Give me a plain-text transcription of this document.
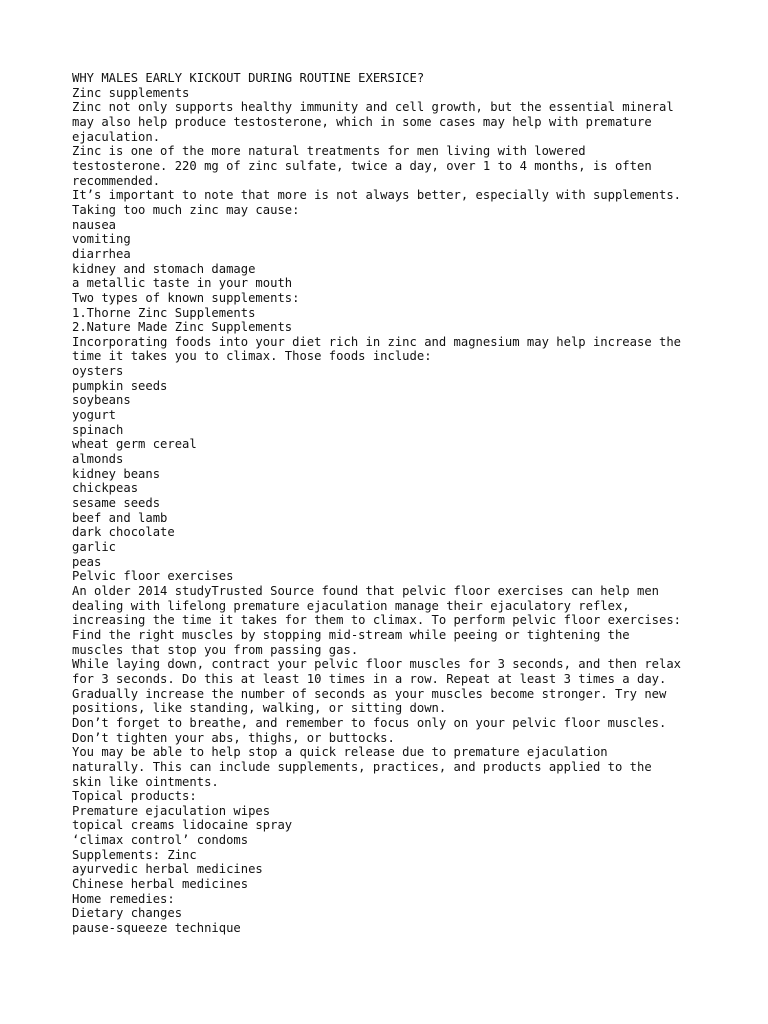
WHY MALES EARLY KICKOUT DURING ROUTINE EXERSICE?
Zinc supplements
Zinc not only supports healthy immunity and cell growth, but the essential mineral
may also help produce testosterone, which in some cases may help with premature
ejaculation.
Zinc is one of the more natural treatments for men living with lowered
testosterone. 220 mg of zinc sulfate, twice a day, over 1 to 4 months, is often
recommended.
It’s important to note that more is not always better, especially with supplements.
Taking too much zinc may cause:
nausea
vomiting
diarrhea
kidney and stomach damage
a metallic taste in your mouth
Two types of known supplements:
1.Thorne Zinc Supplements
2.Nature Made Zinc Supplements
Incorporating foods into your diet rich in zinc and magnesium may help increase the
time it takes you to climax. Those foods include:
oysters
pumpkin seeds
soybeans
yogurt
spinach
wheat germ cereal
almonds
kidney beans
chickpeas
sesame seeds
beef and lamb
dark chocolate
garlic
peas
Pelvic floor exercises
An older 2014 studyTrusted Source found that pelvic floor exercises can help men
dealing with lifelong premature ejaculation manage their ejaculatory reflex,
increasing the time it takes for them to climax. To perform pelvic floor exercises:
Find the right muscles by stopping mid-stream while peeing or tightening the
muscles that stop you from passing gas.
While laying down, contract your pelvic floor muscles for 3 seconds, and then relax
for 3 seconds. Do this at least 10 times in a row. Repeat at least 3 times a day.
Gradually increase the number of seconds as your muscles become stronger. Try new
positions, like standing, walking, or sitting down.
Don’t forget to breathe, and remember to focus only on your pelvic floor muscles.
Don’t tighten your abs, thighs, or buttocks.
You may be able to help stop a quick release due to premature ejaculation
naturally. This can include supplements, practices, and products applied to the
skin like ointments.
Topical products:
Premature ejaculation wipes
topical creams lidocaine spray
‘climax control’ condoms
Supplements: Zinc
ayurvedic herbal medicines
Chinese herbal medicines
Home remedies:
Dietary changes
pause-squeeze technique
